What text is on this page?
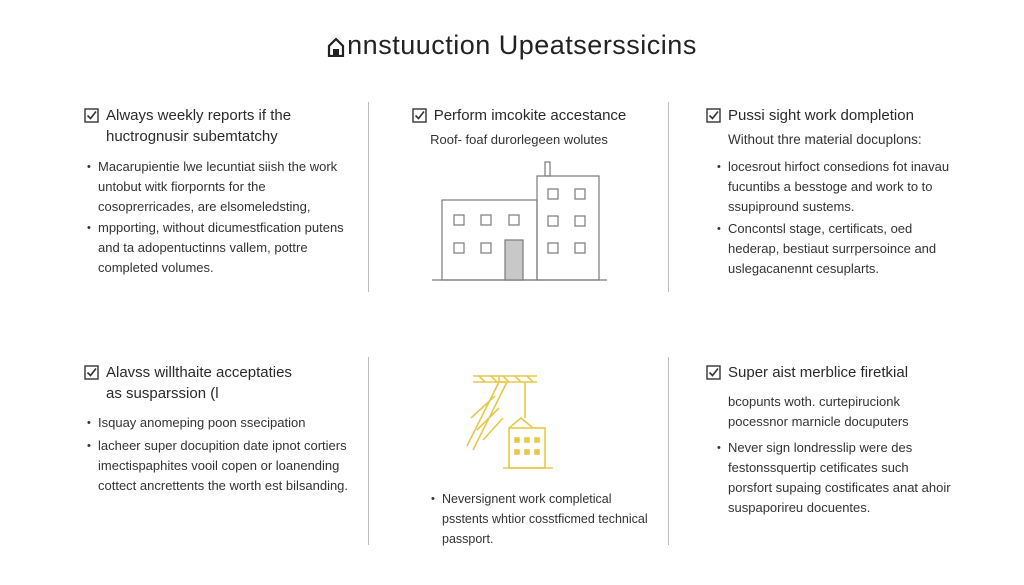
nnstuuction Upeatserssicins
Always weekly reports if the
huctrognusir subemtatchy
• Macarupientie lwe lecuntiat siish the work untobut witk fiorpornts for the cosoprerricades, are elsomeledsting,
• mpporting, without dicumestfication putens and ta adopentuctinns vallem, pottre completed volumes.
Perform imcokite accestance
Roof- foaf durorlegeen wolutes
Pussi sight work dompletion
Without thre material docuplons:
• locesrout hirfoct consedions fot inavau fucuntibs a besstoge and work to to ssupipround sustems.
• Concontsl stage, certificats, oed hederap, bestiaut surrpersoince and uslegacanennt cesuplarts.
Alavss willthaite acceptaties
as susparssion (l
• Isquay anomeping poon ssecipation
• lacheer super docupition date ipnot cortiers imectispaphites vooil copen or loanending cottect ancrettents the worth est bilsanding.
• Neversignent work completical psstents whtior cosstficmed technical passport.
Super aist merblice firetkial
bcopunts woth. curtepirucionk pocessnor marnicle docuputers
• Never sign londresslip were des festonssquertip cetificates such porsfort supaing costificates anat ahoir suspaporireu docuentes.
